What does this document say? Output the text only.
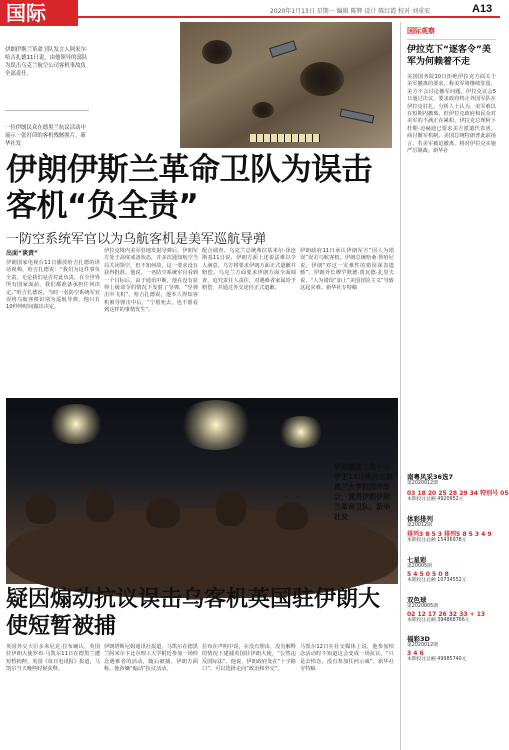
国际	2020年1月13日 星期一 编辑 陈辉 设计 陈红霞 校对 刘重宏	A13
伊朗伊斯兰革命卫队发言人阿米尔·哈吉扎德11日说，由他领导的部队为误击乌克兰航空公司客机事故负全部责任。
一位伊朗民众在德黑兰抗议活动中展示一张打印的客机残骸照片。新华社发
伊朗伊斯兰革命卫队为误击客机“负全责”
一防空系统军官以为乌航客机是美军巡航导弹
出面“谈责”
伊朗国家电视台11日播放哈吉扎德的讲话视频。哈吉扎德说：“我们为这件事负全责。无论我们是否对此负责，在全世界所有国家面前，我们都准备承担任何决定。”哈吉扎德说，当时一名防空系统军官误将乌航客机识别为巡航导弹，他只有10秒钟时间做出决定。
伊拉克境内美军驻地发射导弹后，伊朗军方处于高度戒备状态，并多次通知航空当局关闭领空，但不知何故，这一要求没有获得批准。他说，一名防空系统军官看到一个目标后，由于通讯中断，他在没有获得上级命令的情况下发射了导弹，“导弹击中飞机”。哈吉扎德说，他本人得知客机被导弹击中后，“宁愿死去，也不愿看到这样的事情发生”。
配合调查。乌克兰总统弗拉基米尔·泽连斯基11日说，伊朗方面上述说法难以令人满意，乌方将要求伊朗方面正式道歉并赔偿。乌克兰方面要求伊朗方面全面调查，追究责任人责任，对遇难者家属给予赔偿，并通过外交途径正式道歉。
伊朗政府11日承认伊朗军方“因人为错误”误击乌航客机。伊朗总统哈桑·鲁哈尼说，伊朗“对这一灾难性的错误深表遗憾”。伊朗外长穆罕默德·贾瓦德·扎里夫说，“人为错误”加上“美国冒险主义”导致这起灾难。新华社专特稿
伊朗德黑兰数千名学生11日晚间在德黑兰大学校园外集会，谴责伊朗伊斯兰革命卫队。新华社发
疑因煽动抗议误击乌客机英国驻伊朗大使短暂被捕
英国外交大臣多米尼克·拉布确认，英国驻伊朗大使罗布·马凯尔11日在德黑兰遭短暂拘押。英国《每日电讯报》报道，马凯尔当天晚些时候获释。
伊朗塔斯尼姆通讯社报道，马凯尔在德黑兰阿米尔卡比尔理工大学附近参加一场悼念遇难者的活动，随后被捕。伊朗方面称，他涉嫌“煽动”抗议活动。
拉布在声明中说，在没有理由、没有解释的情况下逮捕英国驻伊朗大使，“公然违反国际法”。他说，伊朗政府处在“十字路口”，可以选择走向“政治和外交”。
马凯尔12日在社交媒体上说，他参加悼念活动时不知道这会变成一场抗议，“只是去悼念，没有参加任何示威”。新华社专特稿
国际观察
伊拉克下“逐客令”美军为何赖着不走
美国国务院10日拒绝伊拉克方面关于美军撤离的要求，称美军将继续驻留，美方不会讨论撤军问题。伊拉克议会5日通过决议，要求政府终止外国军队在伊拉克驻扎。分析人士认为，美军难以在短期内撤离，但伊拉克政府和民众对美军的不满正在累积。伊拉克总理阿卜杜勒-迈赫迪已要求美方派遣代表团，商讨撤军机制。美国总统特朗普此前扬言，若美军被迫撤离，将对伊拉克实施严厉制裁。新华社
南粤风采36选7
第2020012期
03 18 20 25 28 29 34 特别号 05
本期投注总额 4920952元
体彩排列
第20012期
排列3 8 5 3 排列5 8 5 3 4 9
本期投注总额 15436978元
七星彩
第20005期
5 4 5 0 5 0 8
本期投注总额 10734552元
双色球
第2020005期
02 12 17 26 32 33 + 13
本期投注总额 394868766元
福彩3D
第2020012期
3 4 6
本期投注总额 49985740元
